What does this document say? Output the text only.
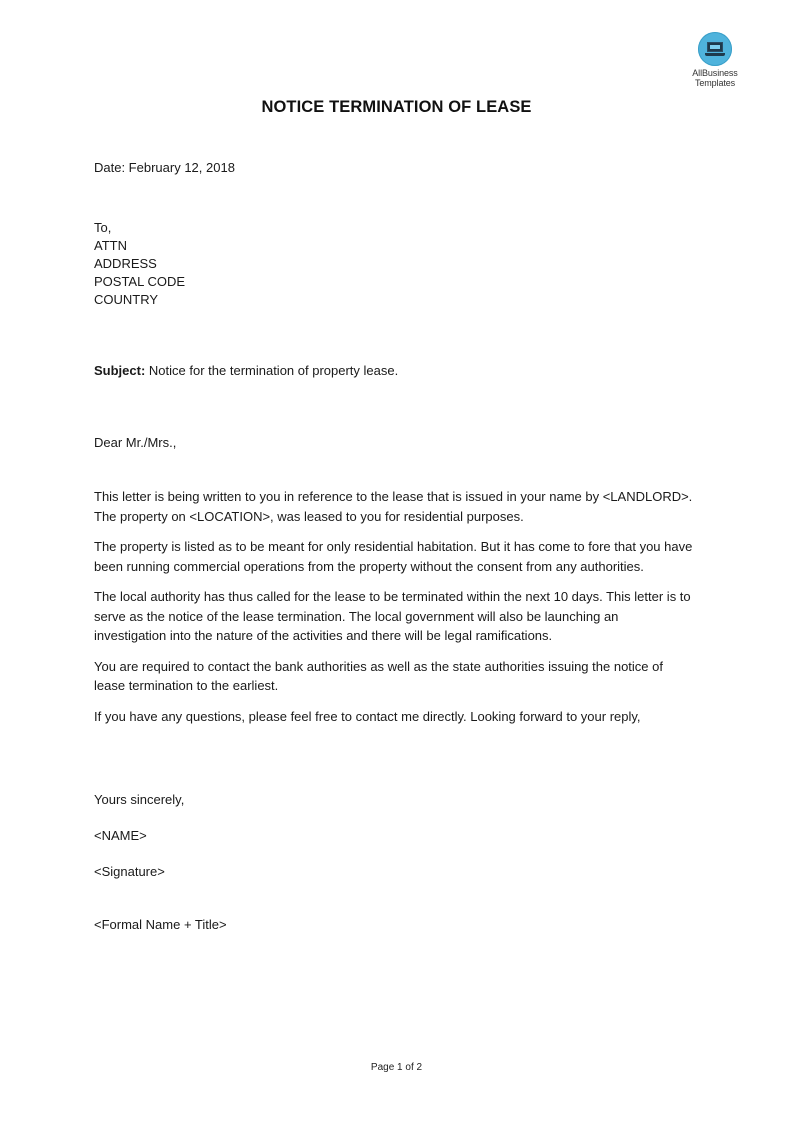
AllBusiness
Templates
NOTICE TERMINATION OF LEASE
Date: February 12, 2018
To,
ATTN
ADDRESS
POSTAL CODE
COUNTRY
Subject: Notice for the termination of property lease.
Dear Mr./Mrs.,

This letter is being written to you in reference to the lease that is issued in your name by <LANDLORD>. The property on <LOCATION>, was leased to you for residential purposes.

The property is listed as to be meant for only residential habitation. But it has come to fore that you have been running commercial operations from the property without the consent from any authorities.

The local authority has thus called for the lease to be terminated within the next 10 days. This letter is to serve as the notice of the lease termination. The local government will also be launching an investigation into the nature of the activities and there will be legal ramifications.

You are required to contact the bank authorities as well as the state authorities issuing the notice of lease termination to the earliest.

If you have any questions, please feel free to contact me directly. Looking forward to your reply,

Yours sincerely,
<NAME>
<Signature>
<Formal Name + Title>
Page 1 of 2
